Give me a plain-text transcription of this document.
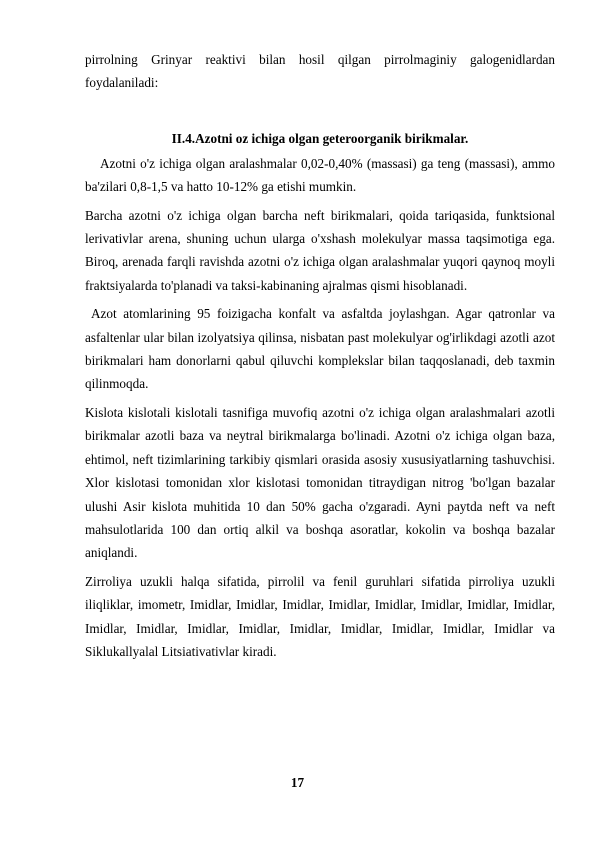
pirrolning Grinyar reaktivi bilan hosil qilgan pirrolmaginiy galogenidlardan foydalaniladi:

II.4.Azotni oz ichiga olgan geteroorganik birikmalar.

Azotni o'z ichiga olgan aralashmalar 0,02-0,40% (massasi) ga teng (massasi), ammo ba'zilari 0,8-1,5 va hatto 10-12% ga etishi mumkin.

Barcha azotni o'z ichiga olgan barcha neft birikmalari, qoida tariqasida, funktsional lerivativlar arena, shuning uchun ularga o'xshash molekulyar massa taqsimotiga ega. Biroq, arenada farqli ravishda azotni o'z ichiga olgan aralashmalar yuqori qaynoq moyli fraktsiyalarda to'planadi va taksi-kabinaning ajralmas qismi hisoblanadi.

Azot atomlarining 95 foizigacha konfalt va asfaltda joylashgan. Agar qatronlar va asfaltenlar ular bilan izolyatsiya qilinsa, nisbatan past molekulyar og'irlikdagi azotli azot birikmalari ham donorlarni qabul qiluvchi komplekslar bilan taqqoslanadi, deb taxmin qilinmoqda.

Kislota kislotali kislotali tasnifiga muvofiq azotni o'z ichiga olgan aralashmalari azotli birikmalar azotli baza va neytral birikmalarga bo'linadi. Azotni o'z ichiga olgan baza, ehtimol, neft tizimlarining tarkibiy qismlari orasida asosiy xususiyatlarning tashuvchisi. Xlor kislotasi tomonidan xlor kislotasi tomonidan titraydigan nitrog 'bo'lgan bazalar ulushi Asir kislota muhitida 10 dan 50% gacha o'zgaradi. Ayni paytda neft va neft mahsulotlarida 100 dan ortiq alkil va boshqa asoratlar, kokolin va boshqa bazalar aniqlandi.

Zirroliya uzukli halqa sifatida, pirrolil va fenil guruhlari sifatida pirroliya uzukli iliqliklar, imometr, Imidlar, Imidlar, Imidlar, Imidlar, Imidlar, Imidlar, Imidlar, Imidlar, Imidlar, Imidlar, Imidlar, Imidlar, Imidlar, Imidlar, Imidlar, Imidlar, Imidlar va Siklukallyalal Litsiativativlar kiradi.

17
